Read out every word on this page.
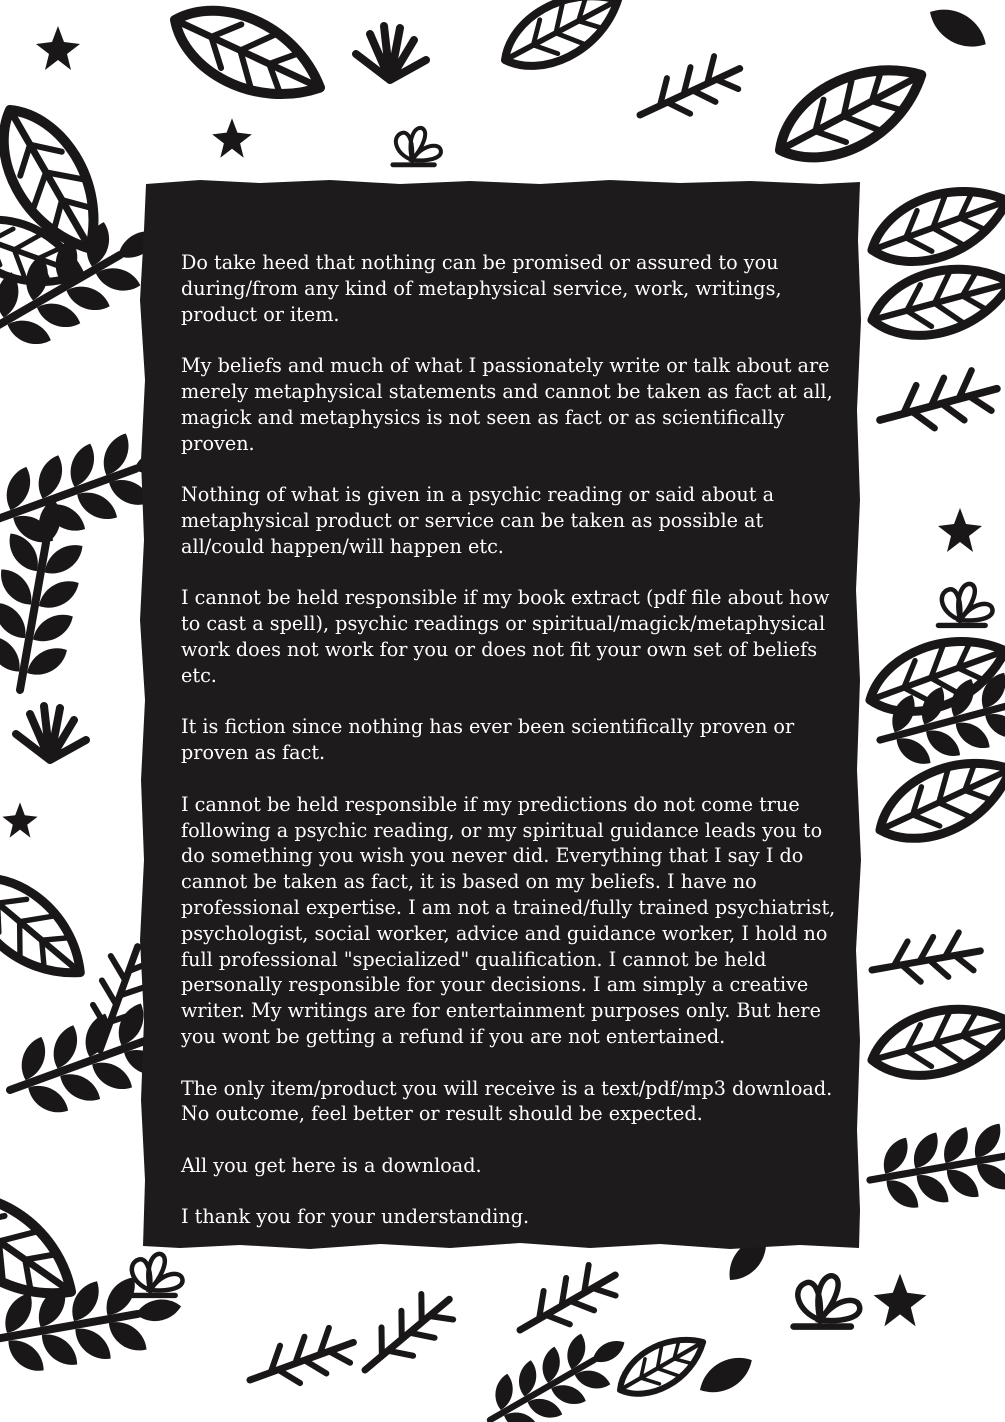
Do take heed that nothing can be promised or assured to you during/from any kind of metaphysical service, work, writings, product or item.

My beliefs and much of what I passionately write or talk about are merely metaphysical statements and cannot be taken as fact at all, magick and metaphysics is not seen as fact or as scientifically proven.

Nothing of what is given in a psychic reading or said about a metaphysical product or service can be taken as possible at all/could happen/will happen etc.

I cannot be held responsible if my book extract (pdf file about how to cast a spell), psychic readings or spiritual/magick/metaphysical work does not work for you or does not fit your own set of beliefs etc.

It is fiction since nothing has ever been scientifically proven or proven as fact.

I cannot be held responsible if my predictions do not come true following a psychic reading, or my spiritual guidance leads you to do something you wish you never did. Everything that I say I do cannot be taken as fact, it is based on my beliefs. I have no professional expertise. I am not a trained/fully trained psychiatrist, psychologist, social worker, advice and guidance worker, I hold no full professional "specialized" qualification. I cannot be held personally responsible for your decisions. I am simply a creative writer. My writings are for entertainment purposes only. But here you wont be getting a refund if you are not entertained.

The only item/product you will receive is a text/pdf/mp3 download. No outcome, feel better or result should be expected.

All you get here is a download.

I thank you for your understanding.
